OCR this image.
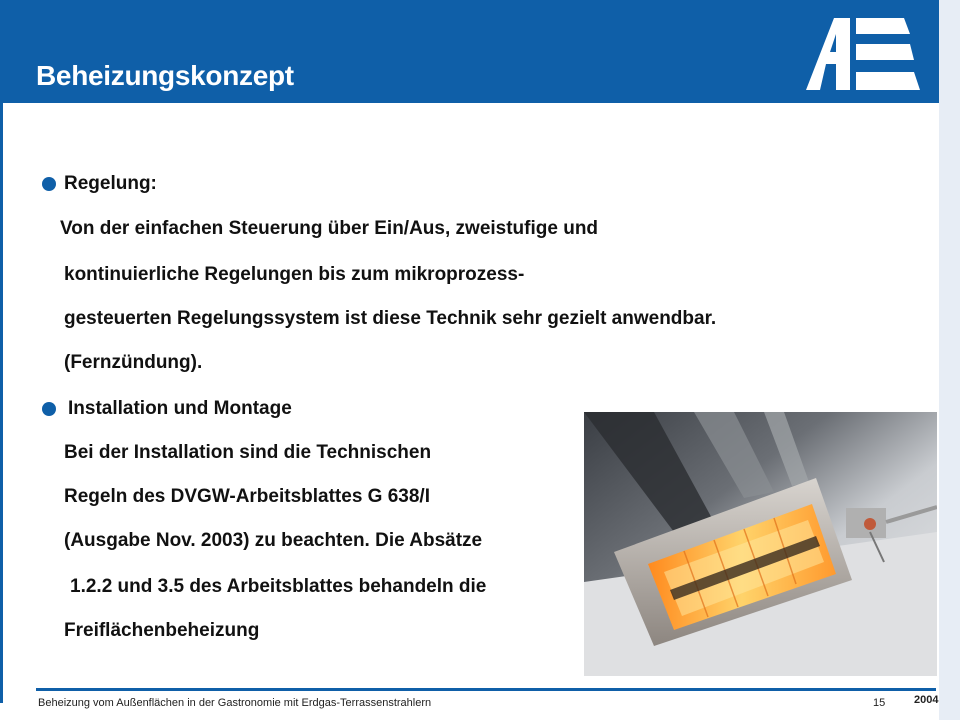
Beheizungskonzept
Regelung:
Von der einfachen Steuerung über Ein/Aus, zweistufige und
kontinuierliche Regelungen bis zum mikroprozess-
gesteuerten Regelungssystem ist diese Technik sehr gezielt anwendbar.
(Fernzündung).
Installation und Montage
Bei der Installation sind die Technischen
Regeln des DVGW-Arbeitsblattes G 638/I
(Ausgabe Nov. 2003) zu beachten. Die Absätze
1.2.2 und 3.5 des Arbeitsblattes behandeln die
Freiflächenbeheizung
Beheizung vom Außenflächen in der Gastronomie mit Erdgas-Terrassenstrahlern	15	2004
